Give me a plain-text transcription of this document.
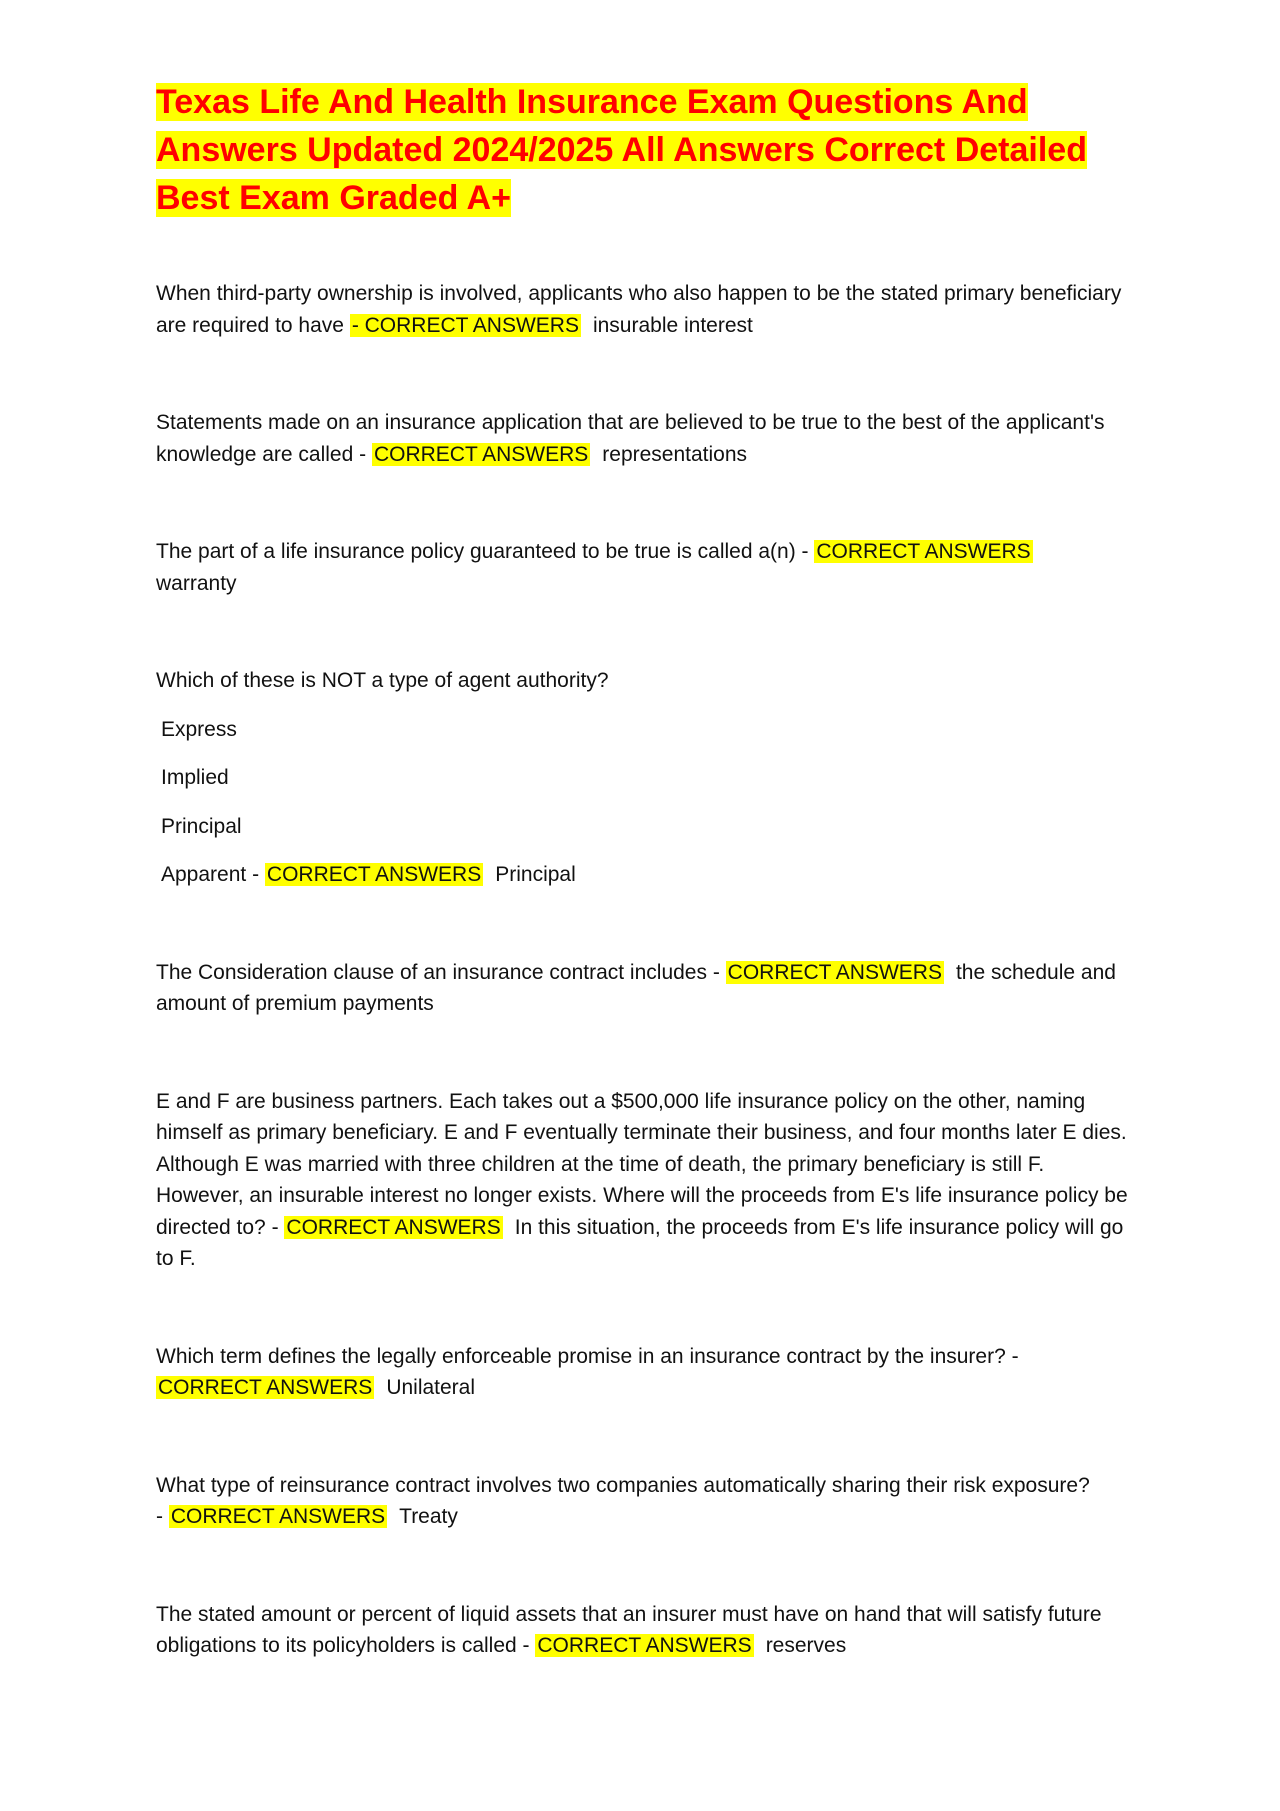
Texas Life And Health Insurance Exam Questions And Answers Updated 2024/2025 All Answers Correct Detailed Best Exam Graded A+

When third-party ownership is involved, applicants who also happen to be the stated primary beneficiary are required to have - CORRECT ANSWERS insurable interest

Statements made on an insurance application that are believed to be true to the best of the applicant's knowledge are called - CORRECT ANSWERS representations

The part of a life insurance policy guaranteed to be true is called a(n) - CORRECT ANSWERS
warranty

Which of these is NOT a type of agent authority?

Express

Implied

Principal

Apparent - CORRECT ANSWERS Principal

The Consideration clause of an insurance contract includes - CORRECT ANSWERS the schedule and amount of premium payments

E and F are business partners. Each takes out a $500,000 life insurance policy on the other, naming himself as primary beneficiary. E and F eventually terminate their business, and four months later E dies. Although E was married with three children at the time of death, the primary beneficiary is still F. However, an insurable interest no longer exists. Where will the proceeds from E's life insurance policy be directed to? - CORRECT ANSWERS In this situation, the proceeds from E's life insurance policy will go to F.

Which term defines the legally enforceable promise in an insurance contract by the insurer? -
CORRECT ANSWERS Unilateral

What type of reinsurance contract involves two companies automatically sharing their risk exposure?
- CORRECT ANSWERS Treaty

The stated amount or percent of liquid assets that an insurer must have on hand that will satisfy future obligations to its policyholders is called - CORRECT ANSWERS reserves
